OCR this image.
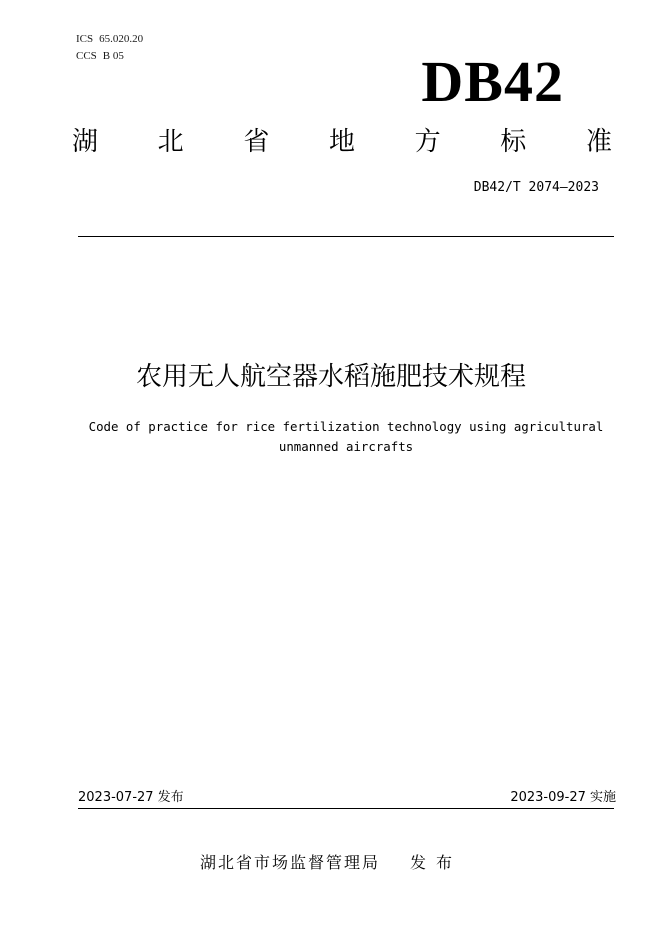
ICS 65.020.20
CCS B 05	DB42
湖 北 省 地 方 标 准
DB42/T 2074—2023
农用无人航空器水稻施肥技术规程
Code of practice for rice fertilization technology using agricultural
unmanned aircrafts
2023-07-27 发布	2023-09-27 实施
湖北省市场监督管理局 发布
